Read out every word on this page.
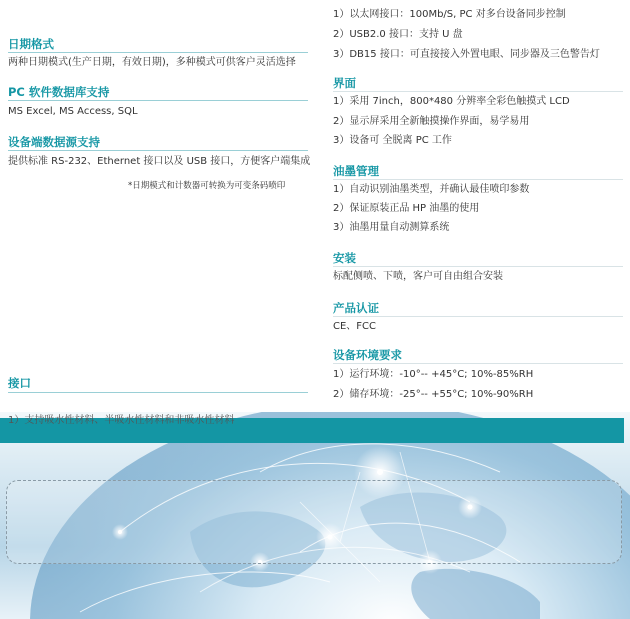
日期格式
两种日期模式(生产日期，有效日期)，多种模式可供客户灵活选择
PC 软件数据库支持
MS Excel, MS Access, SQL
设备端数据源支持
提供标准 RS-232、Ethernet 接口以及 USB 接口，方便客户端集成
*日期模式和计数器可转换为可变条码喷印
接口
1）以太网接口：100Mb/S, PC 对多台设备同步控制
2）USB2.0 接口：支持 U 盘
3）DB15 接口：可直接接入外置电眼、同步器及三色警告灯
界面
1）采用 7inch，800*480 分辨率全彩色触摸式 LCD
2）显示屏采用全新触摸操作界面，易学易用
3）设备可 全脱离 PC 工作
油墨管理
1）自动识别油墨类型，并确认最佳喷印参数
2）保证原装正品 HP 油墨的使用
3）油墨用量自动测算系统
安装
标配侧喷、下喷，客户可自由组合安装
产品认证
CE、FCC
设备环境要求
1）运行环境：-10°-- +45°C; 10%-85%RH
2）储存环境：-25°-- +55°C; 10%-90%RH
1）支持吸水性材料、半吸水性材料和非吸水性材料
